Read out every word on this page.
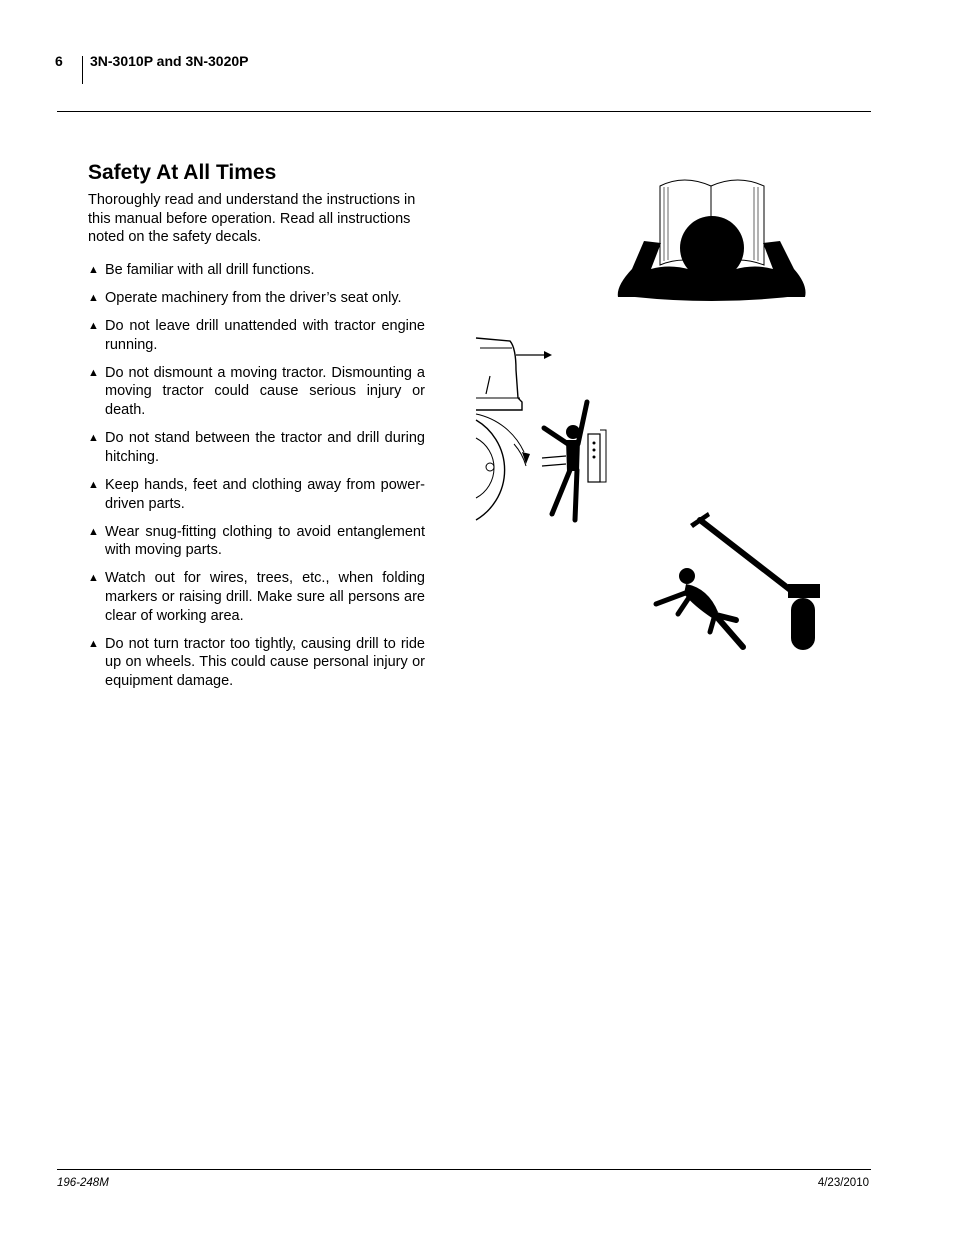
6 3N-3010P and 3N-3020P
Safety At All Times

Thoroughly read and understand the instructions in this manual before operation. Read all instructions noted on the safety decals.

▲ Be familiar with all drill functions.
▲ Operate machinery from the driver’s seat only.
▲ Do not leave drill unattended with tractor engine running.
▲ Do not dismount a moving tractor. Dismounting a moving tractor could cause serious injury or death.
▲ Do not stand between the tractor and drill during hitching.
▲ Keep hands, feet and clothing away from power-driven parts.
▲ Wear snug-fitting clothing to avoid entanglement with moving parts.
▲ Watch out for wires, trees, etc., when folding markers or raising drill. Make sure all persons are clear of working area.
▲ Do not turn tractor too tightly, causing drill to ride up on wheels. This could cause personal injury or equipment damage.
196-248M	4/23/2010
